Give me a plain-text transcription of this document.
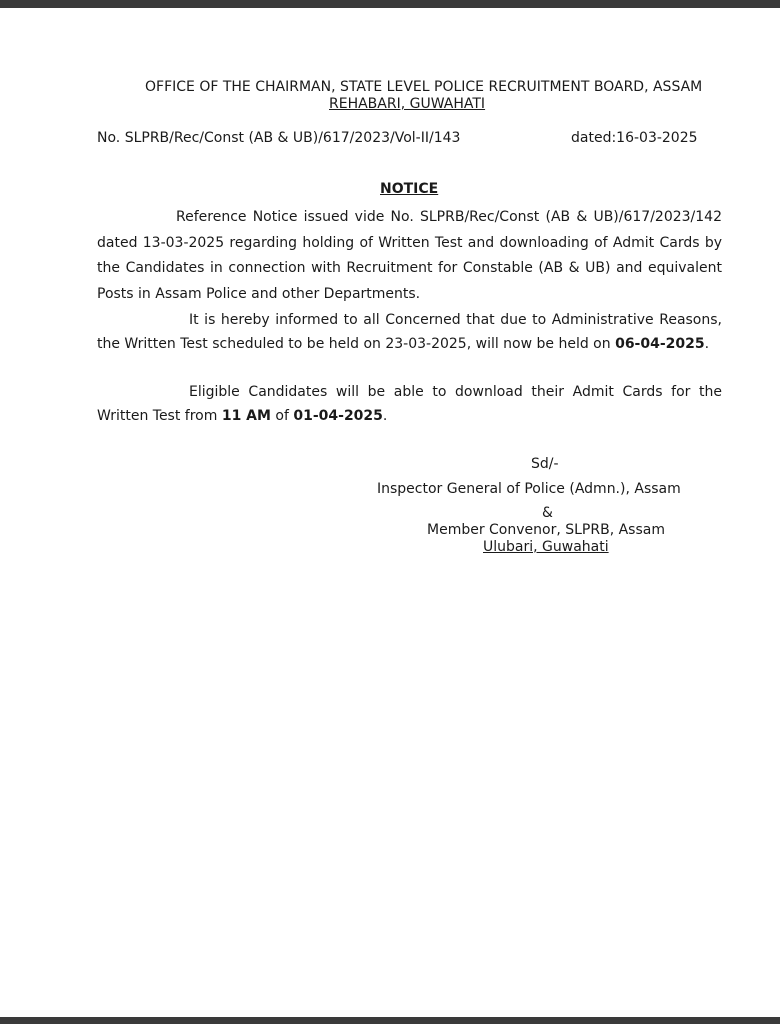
OFFICE OF THE CHAIRMAN, STATE LEVEL POLICE RECRUITMENT BOARD, ASSAM
REHABARI, GUWAHATI
No. SLPRB/Rec/Const (AB & UB)/617/2023/Vol-II/143	dated:16-03-2025
NOTICE
Reference Notice issued vide No. SLPRB/Rec/Const (AB & UB)/617/2023/142 dated 13-03-2025 regarding holding of Written Test and downloading of Admit Cards by the Candidates in connection with Recruitment for Constable (AB & UB) and equivalent Posts in Assam Police and other Departments.
It is hereby informed to all Concerned that due to Administrative Reasons, the Written Test scheduled to be held on 23-03-2025, will now be held on 06-04-2025.
Eligible Candidates will be able to download their Admit Cards for the Written Test from 11 AM of 01-04-2025.
Sd/-
Inspector General of Police (Admn.), Assam
&
Member Convenor, SLPRB, Assam
Ulubari, Guwahati
